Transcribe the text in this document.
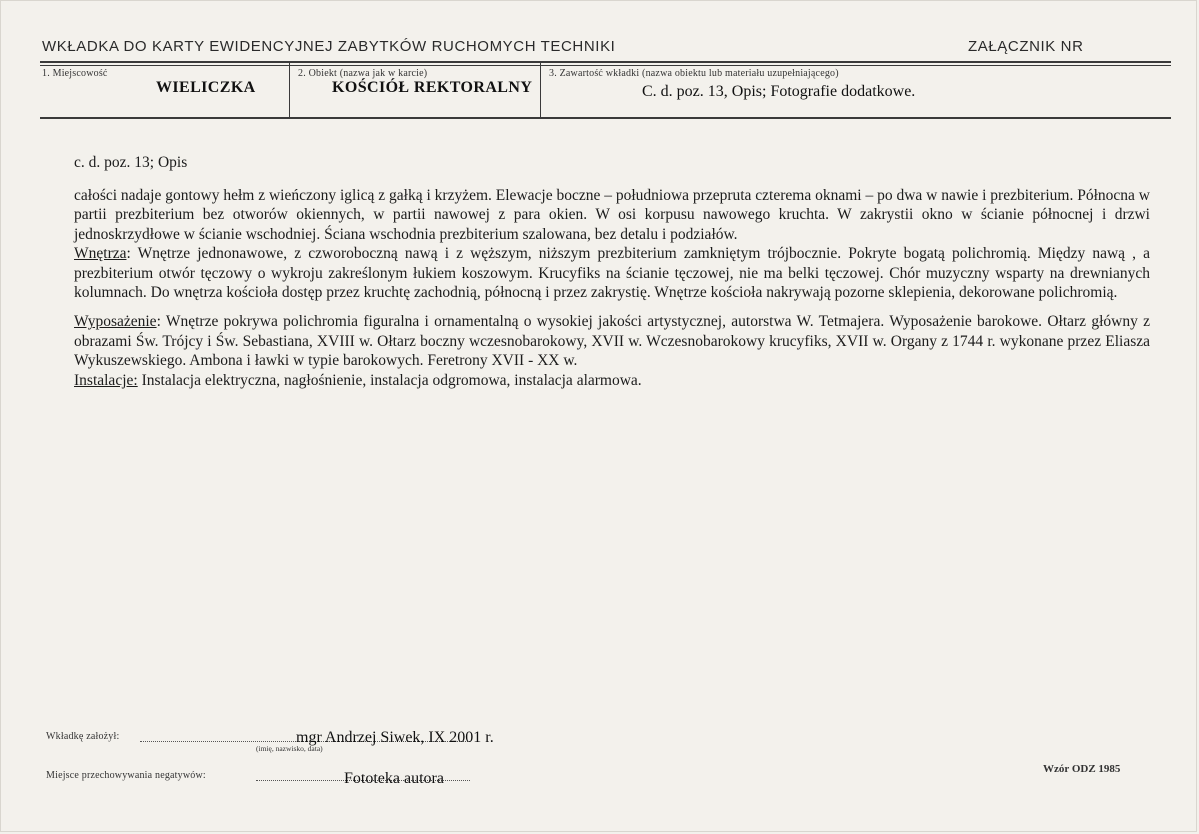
WKŁADKA DO KARTY EWIDENCYJNEJ ZABYTKÓW RUCHOMYCH TECHNIKI	ZAŁĄCZNIK NR
1. Miejscowość
WIELICZKA
2. Obiekt (nazwa jak w karcie)
KOŚCIÓŁ REKTORALNY
3. Zawartość wkładki (nazwa obiektu lub materiału uzupełniającego)
C. d. poz. 13, Opis; Fotografie dodatkowe.
c. d. poz. 13; Opis

całości nadaje gontowy hełm z wieńczony iglicą z gałką i krzyżem. Elewacje boczne – południowa przepruta czterema oknami – po dwa w nawie i prezbiterium. Północna w partii prezbiterium bez otworów okiennych, w partii nawowej z para okien. W osi korpusu nawowego kruchta. W zakrystii okno w ścianie północnej i drzwi jednoskrzydłowe w ścianie wschodniej. Ściana wschodnia prezbiterium szalowana, bez detalu i podziałów.

Wnętrza: Wnętrze jednonawowe, z czworoboczną nawą i z węższym, niższym prezbiterium zamkniętym trójbocznie. Pokryte bogatą polichromią. Między nawą , a prezbiterium otwór tęczowy o wykroju zakreślonym łukiem koszowym. Krucyfiks na ścianie tęczowej, nie ma belki tęczowej. Chór muzyczny wsparty na drewnianych kolumnach. Do wnętrza kościoła dostęp przez kruchtę zachodnią, północną i przez zakrystię. Wnętrze kościoła nakrywają pozorne sklepienia, dekorowane polichromią.

Wyposażenie: Wnętrze pokrywa polichromia figuralna i ornamentalną o wysokiej jakości artystycznej, autorstwa W. Tetmajera. Wyposażenie barokowe. Ołtarz główny z obrazami Św. Trójcy i Św. Sebastiana, XVIII w. Ołtarz boczny wczesnobarokowy, XVII w. Wczesnobarokowy krucyfiks, XVII w. Organy z 1744 r. wykonane przez Eliasza Wykuszewskiego. Ambona i ławki w typie barokowych. Feretrony XVII - XX w.

Instalacje: Instalacja elektryczna, nagłośnienie, instalacja odgromowa, instalacja alarmowa.

Wkładkę założył:	mgr Andrzej Siwek, IX 2001 r.
(imię, nazwisko, data)
Miejsce przechowywania negatywów:	Fototeka autora
Wzór ODZ 1985
